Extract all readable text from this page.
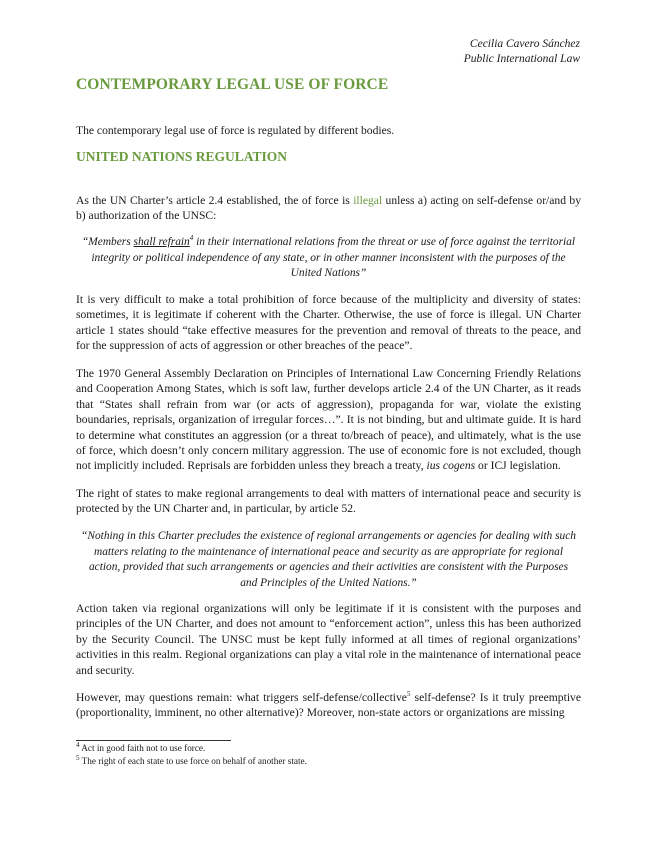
Cecilia Cavero Sánchez
Public International Law
CONTEMPORARY LEGAL USE OF FORCE

The contemporary legal use of force is regulated by different bodies.

UNITED NATIONS REGULATION

As the UN Charter’s article 2.4 established, the of force is illegal unless a) acting on self-defense or/and by b) authorization of the UNSC:

“Members shall refrain$^4$ in their international relations from the threat or use of force against the territorial integrity or political independence of any state, or in other manner inconsistent with the purposes of the United Nations”

It is very difficult to make a total prohibition of force because of the multiplicity and diversity of states: sometimes, it is legitimate if coherent with the Charter. Otherwise, the use of force is illegal. UN Charter article 1 states should “take effective measures for the prevention and removal of threats to the peace, and for the suppression of acts of aggression or other breaches of the peace”.

The 1970 General Assembly Declaration on Principles of International Law Concerning Friendly Relations and Cooperation Among States, which is soft law, further develops article 2.4 of the UN Charter, as it reads that “States shall refrain from war (or acts of aggression), propaganda for war, violate the existing boundaries, reprisals, organization of irregular forces…”. It is not binding, but and ultimate guide. It is hard to determine what constitutes an aggression (or a threat to/breach of peace), and ultimately, what is the use of force, which doesn’t only concern military aggression. The use of economic fore is not excluded, though not implicitly included. Reprisals are forbidden unless they breach a treaty, ius cogens or ICJ legislation.

The right of states to make regional arrangements to deal with matters of international peace and security is protected by the UN Charter and, in particular, by article 52.

“Nothing in this Charter precludes the existence of regional arrangements or agencies for dealing with such matters relating to the maintenance of international peace and security as are appropriate for regional action, provided that such arrangements or agencies and their activities are consistent with the Purposes and Principles of the United Nations.”

Action taken via regional organizations will only be legitimate if it is consistent with the purposes and principles of the UN Charter, and does not amount to “enforcement action”, unless this has been authorized by the Security Council. The UNSC must be kept fully informed at all times of regional organizations’ activities in this realm. Regional organizations can play a vital role in the maintenance of international peace and security.

However, may questions remain: what triggers self-defense/collective$^5$ self-defense? Is it truly preemptive (proportionality, imminent, no other alternative)? Moreover, non-state actors or organizations are missing

$^4$ Act in good faith not to use force.

$^5$ The right of each state to use force on behalf of another state.
